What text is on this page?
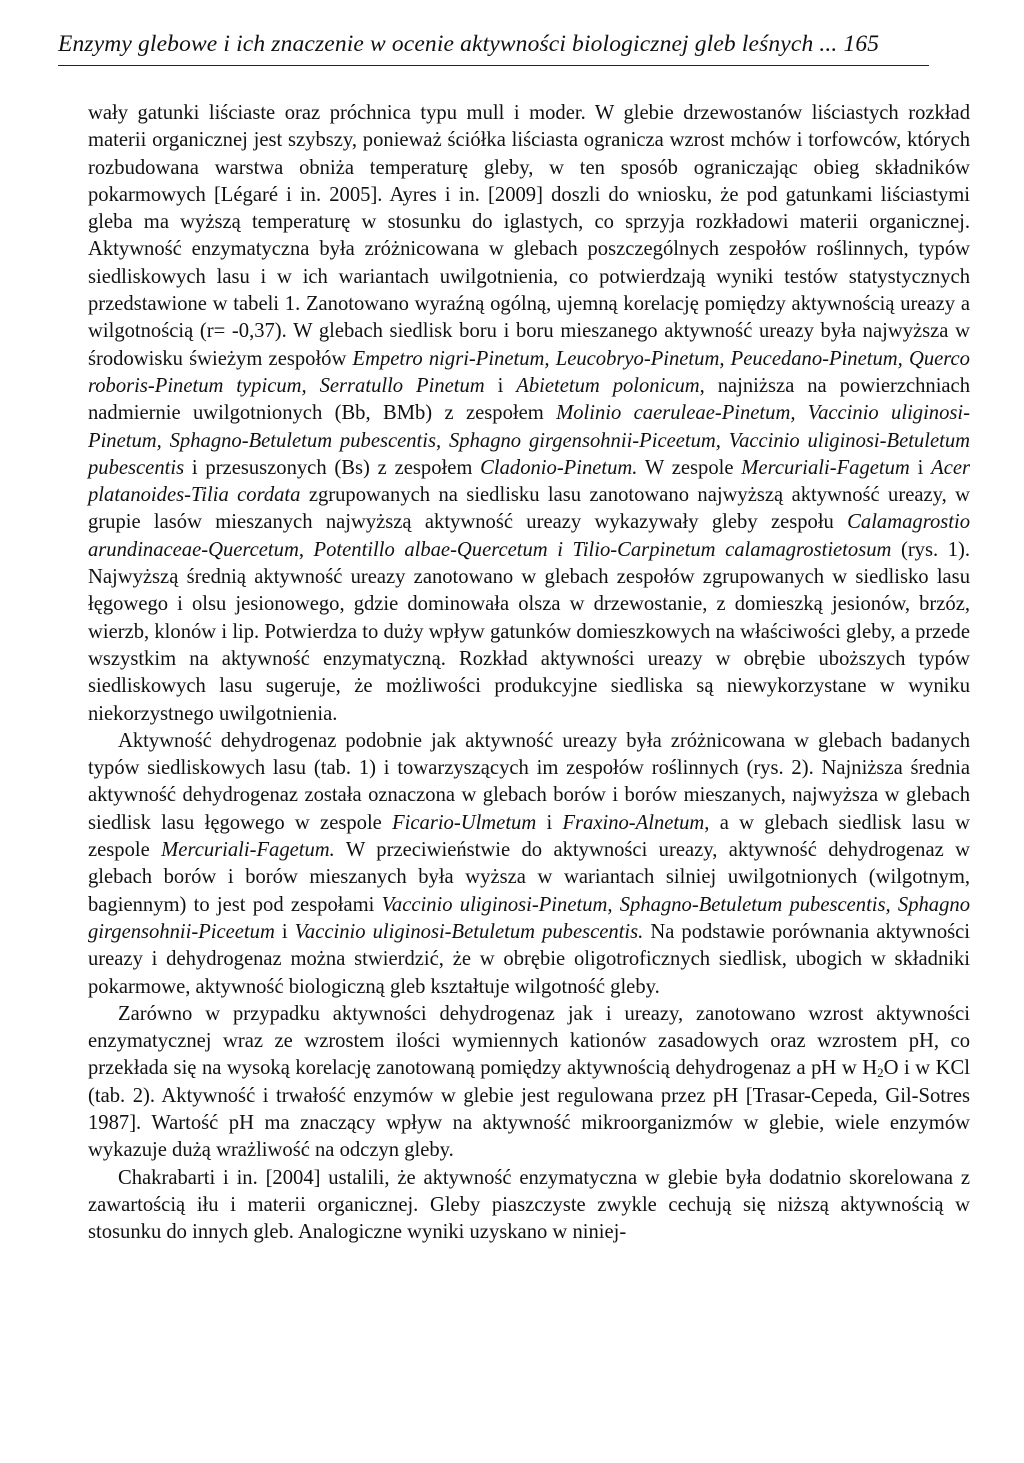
Enzymy glebowe i ich znaczenie w ocenie aktywności biologicznej gleb leśnych ... 165

wały gatunki liściaste oraz próchnica typu mull i moder. W glebie drzewostanów liściastych rozkład materii organicznej jest szybszy, ponieważ ściółka liściasta ogranicza wzrost mchów i torfowców, których rozbudowana warstwa obniża temperaturę gleby, w ten sposób ograniczając obieg składników pokarmowych [Légaré i in. 2005]. Ayres i in. [2009] doszli do wniosku, że pod gatunkami liściastymi gleba ma wyższą temperaturę w stosunku do iglastych, co sprzyja rozkładowi materii organicznej. Aktywność enzymatyczna była zróżnicowana w glebach poszczególnych zespołów roślinnych, typów siedliskowych lasu i w ich wariantach uwilgotnienia, co potwierdzają wyniki testów statystycznych przedstawione w tabeli 1. Zanotowano wyraźną ogólną, ujemną korelację pomiędzy aktywnością ureazy a wilgotnością (r= -0,37). W glebach siedlisk boru i boru mieszanego aktywność ureazy była najwyższa w środowisku świeżym zespołów Empetro nigri-Pinetum, Leucobryo-Pinetum, Peucedano-Pinetum, Querco roboris-Pinetum typicum, Serratullo Pinetum i Abietetum polonicum, najniższa na powierzchniach nadmiernie uwilgotnionych (Bb, BMb) z zespołem Molinio caeruleae-Pinetum, Vaccinio uliginosi-Pinetum, Sphagno-Betuletum pubescentis, Sphagno girgensohnii-Piceetum, Vaccinio uliginosi-Betuletum pubescentis i przesuszonych (Bs) z zespołem Cladonio-Pinetum. W zespole Mercuriali-Fagetum i Acer platanoides-Tilia cordata zgrupowanych na siedlisku lasu zanotowano najwyższą aktywność ureazy, w grupie lasów mieszanych najwyższą aktywność ureazy wykazywały gleby zespołu Calamagrostio arundinaceae-Quercetum, Potentillo albae-Quercetum i Tilio-Carpinetum calamagrostietosum (rys. 1). Najwyższą średnią aktywność ureazy zanotowano w glebach zespołów zgrupowanych w siedlisko lasu łęgowego i olsu jesionowego, gdzie dominowała olsza w drzewostanie, z domieszką jesionów, brzóz, wierzb, klonów i lip. Potwierdza to duży wpływ gatunków domieszkowych na właściwości gleby, a przede wszystkim na aktywność enzymatyczną. Rozkład aktywności ureazy w obrębie uboższych typów siedliskowych lasu sugeruje, że możliwości produkcyjne siedliska są niewykorzystane w wyniku niekorzystnego uwilgotnienia.

Aktywność dehydrogenaz podobnie jak aktywność ureazy była zróżnicowana w glebach badanych typów siedliskowych lasu (tab. 1) i towarzyszących im zespołów roślinnych (rys. 2). Najniższa średnia aktywność dehydrogenaz została oznaczona w glebach borów i borów mieszanych, najwyższa w glebach siedlisk lasu łęgowego w zespole Ficario-Ulmetum i Fraxino-Alnetum, a w glebach siedlisk lasu w zespole Mercuriali-Fagetum. W przeciwieństwie do aktywności ureazy, aktywność dehydrogenaz w glebach borów i borów mieszanych była wyższa w wariantach silniej uwilgotnionych (wilgotnym, bagiennym) to jest pod zespołami Vaccinio uliginosi-Pinetum, Sphagno-Betuletum pubescentis, Sphagno girgensohnii-Piceetum i Vaccinio uliginosi-Betuletum pubescentis. Na podstawie porównania aktywności ureazy i dehydrogenaz można stwierdzić, że w obrębie oligotroficznych siedlisk, ubogich w składniki pokarmowe, aktywność biologiczną gleb kształtuje wilgotność gleby.

Zarówno w przypadku aktywności dehydrogenaz jak i ureazy, zanotowano wzrost aktywności enzymatycznej wraz ze wzrostem ilości wymiennych kationów zasadowych oraz wzrostem pH, co przekłada się na wysoką korelację zanotowaną pomiędzy aktywnością dehydrogenaz a pH w $H_2O$ i w KCl (tab. 2). Aktywność i trwałość enzymów w glebie jest regulowana przez pH [Trasar-Cepeda, Gil-Sotres 1987]. Wartość pH ma znaczący wpływ na aktywność mikroorganizmów w glebie, wiele enzymów wykazuje dużą wrażliwość na odczyn gleby.

Chakrabarti i in. [2004] ustalili, że aktywność enzymatyczna w glebie była dodatnio skorelowana z zawartością iłu i materii organicznej. Gleby piaszczyste zwykle cechują się niższą aktywnością w stosunku do innych gleb. Analogiczne wyniki uzyskano w niniej-
